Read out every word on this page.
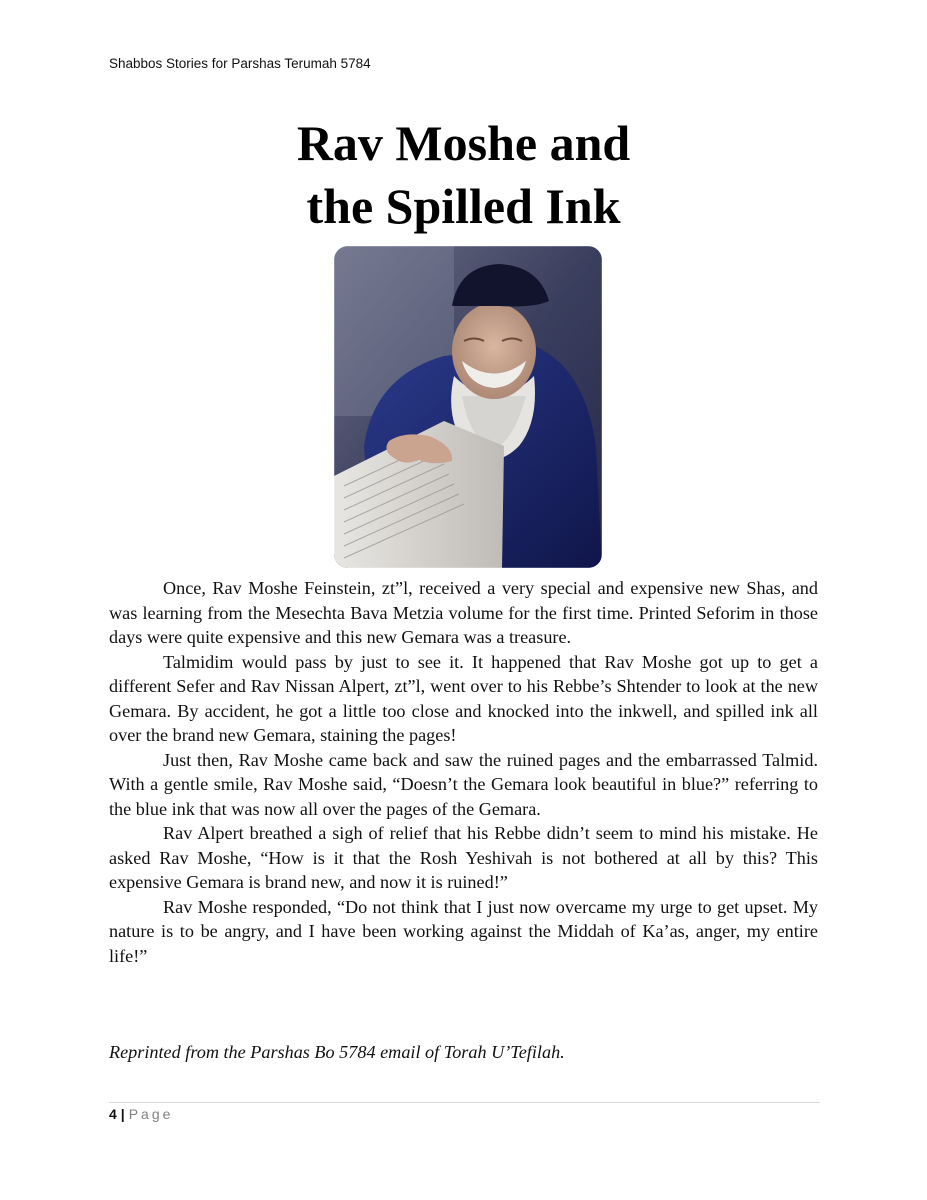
Shabbos Stories for Parshas Terumah 5784
Rav Moshe and
the Spilled Ink

Once, Rav Moshe Feinstein, zt”l, received a very special and expensive new Shas, and was learning from the Mesechta Bava Metzia volume for the first time. Printed Seforim in those days were quite expensive and this new Gemara was a treasure.

Talmidim would pass by just to see it. It happened that Rav Moshe got up to get a different Sefer and Rav Nissan Alpert, zt”l, went over to his Rebbe’s Shtender to look at the new Gemara. By accident, he got a little too close and knocked into the inkwell, and spilled ink all over the brand new Gemara, staining the pages!

Just then, Rav Moshe came back and saw the ruined pages and the embarrassed Talmid. With a gentle smile, Rav Moshe said, “Doesn’t the Gemara look beautiful in blue?” referring to the blue ink that was now all over the pages of the Gemara.

Rav Alpert breathed a sigh of relief that his Rebbe didn’t seem to mind his mistake. He asked Rav Moshe, “How is it that the Rosh Yeshivah is not bothered at all by this? This expensive Gemara is brand new, and now it is ruined!”

Rav Moshe responded, “Do not think that I just now overcame my urge to get upset. My nature is to be angry, and I have been working against the Middah of Ka’as, anger, my entire life!”

Reprinted from the Parshas Bo 5784 email of Torah U’Tefilah.
4 | Page
